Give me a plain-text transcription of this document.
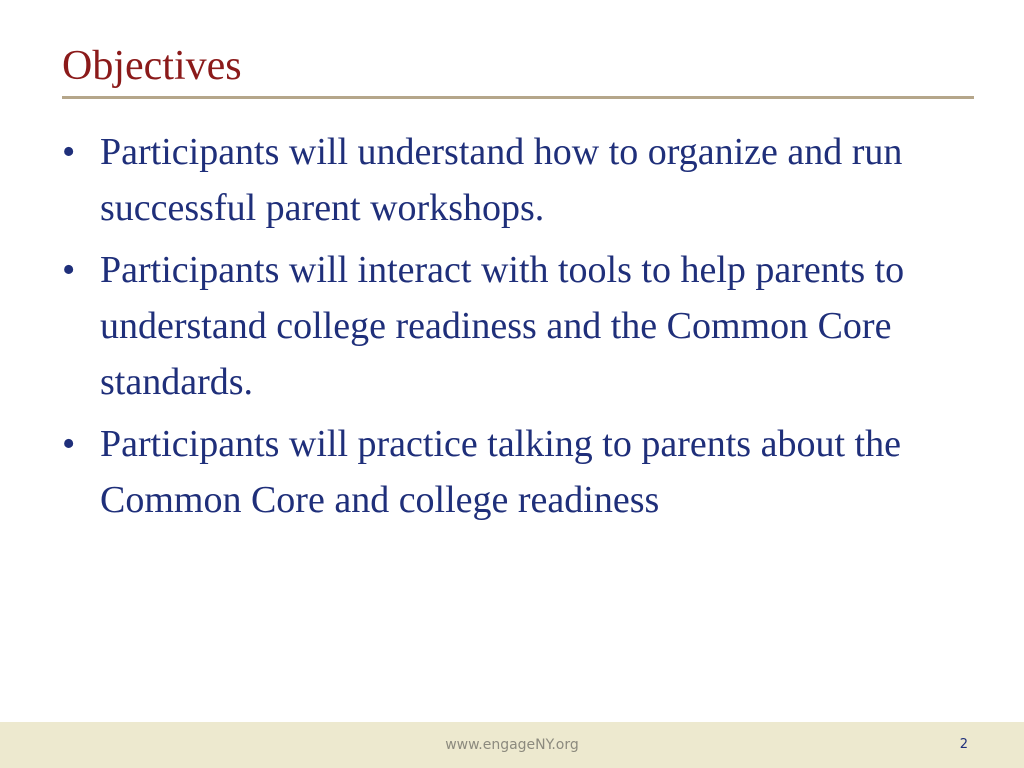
Objectives
• Participants will understand how to organize and run successful parent workshops.
• Participants will interact with tools to help parents to understand college readiness and the Common Core standards.
• Participants will practice talking to parents about the Common Core and college readiness
www.engageNY.org	2
